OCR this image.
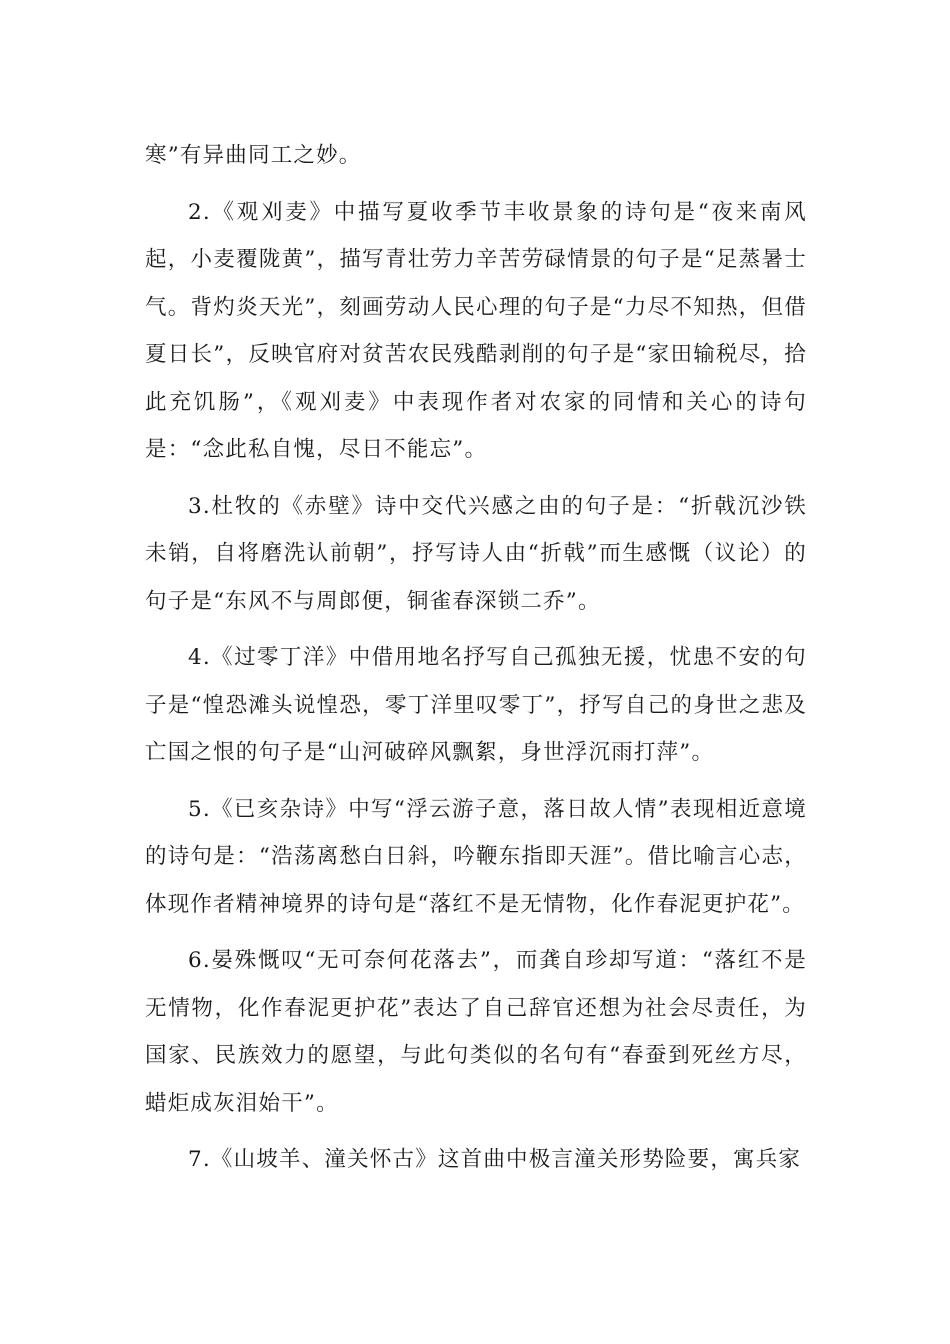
寒”有异曲同工之妙。

2.《观刈麦》中描写夏收季节丰收景象的诗句是“夜来南风起，小麦覆陇黄”，描写青壮劳力辛苦劳碌情景的句子是“足蒸暑士气。背灼炎天光”，刻画劳动人民心理的句子是“力尽不知热，但借夏日长”，反映官府对贫苦农民残酷剥削的句子是“家田输税尽，拾此充饥肠”，《观刈麦》中表现作者对农家的同情和关心的诗句是：“念此私自愧，尽日不能忘”。

3.杜牧的《赤壁》诗中交代兴感之由的句子是：“折戟沉沙铁未销，自将磨洗认前朝”，抒写诗人由“折戟”而生感慨（议论）的句子是“东风不与周郎便，铜雀春深锁二乔”。

4.《过零丁洋》中借用地名抒写自己孤独无援，忧患不安的句子是“惶恐滩头说惶恐，零丁洋里叹零丁”，抒写自己的身世之悲及亡国之恨的句子是“山河破碎风飘絮，身世浮沉雨打萍”。

5.《已亥杂诗》中写“浮云游子意，落日故人情”表现相近意境的诗句是：“浩荡离愁白日斜，吟鞭东指即天涯”。借比喻言心志，体现作者精神境界的诗句是“落红不是无情物，化作春泥更护花”。

6.晏殊慨叹“无可奈何花落去”，而龚自珍却写道：“落红不是无情物，化作春泥更护花”表达了自己辞官还想为社会尽责任，为国家、民族效力的愿望，与此句类似的名句有“春蚕到死丝方尽，蜡炬成灰泪始干”。

7.《山坡羊、潼关怀古》这首曲中极言潼关形势险要，寓兵家
